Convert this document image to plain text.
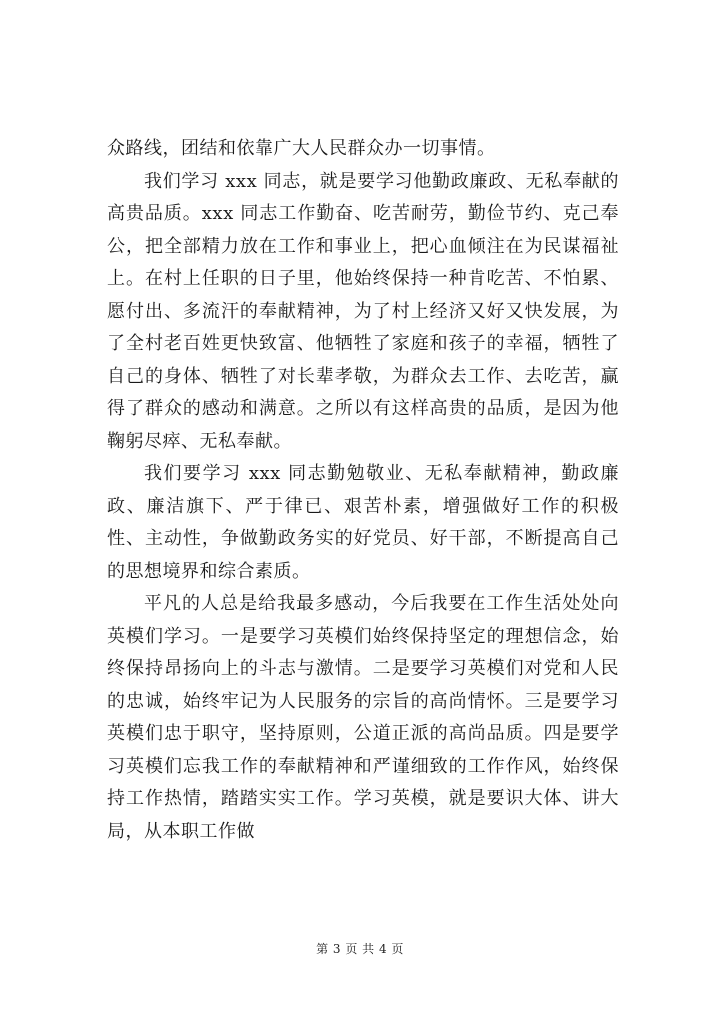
众路线，团结和依靠广大人民群众办一切事情。

我们学习 xxx 同志，就是要学习他勤政廉政、无私奉献的高贵品质。xxx 同志工作勤奋、吃苦耐劳，勤俭节约、克己奉公，把全部精力放在工作和事业上，把心血倾注在为民谋福祉上。在村上任职的日子里，他始终保持一种肯吃苦、不怕累、愿付出、多流汗的奉献精神，为了村上经济又好又快发展，为了全村老百姓更快致富、他牺牲了家庭和孩子的幸福，牺牲了自己的身体、牺牲了对长辈孝敬，为群众去工作、去吃苦，赢得了群众的感动和满意。之所以有这样高贵的品质，是因为他鞠躬尽瘁、无私奉献。

我们要学习 xxx 同志勤勉敬业、无私奉献精神，勤政廉政、廉洁旗下、严于律已、艰苦朴素，增强做好工作的积极性、主动性，争做勤政务实的好党员、好干部，不断提高自己的思想境界和综合素质。

平凡的人总是给我最多感动，今后我要在工作生活处处向英模们学习。一是要学习英模们始终保持坚定的理想信念，始终保持昂扬向上的斗志与激情。二是要学习英模们对党和人民的忠诚，始终牢记为人民服务的宗旨的高尚情怀。三是要学习英模们忠于职守，坚持原则，公道正派的高尚品质。四是要学习英模们忘我工作的奉献精神和严谨细致的工作作风，始终保持工作热情，踏踏实实工作。学习英模，就是要识大体、讲大局，从本职工作做

第 3 页 共 4 页
